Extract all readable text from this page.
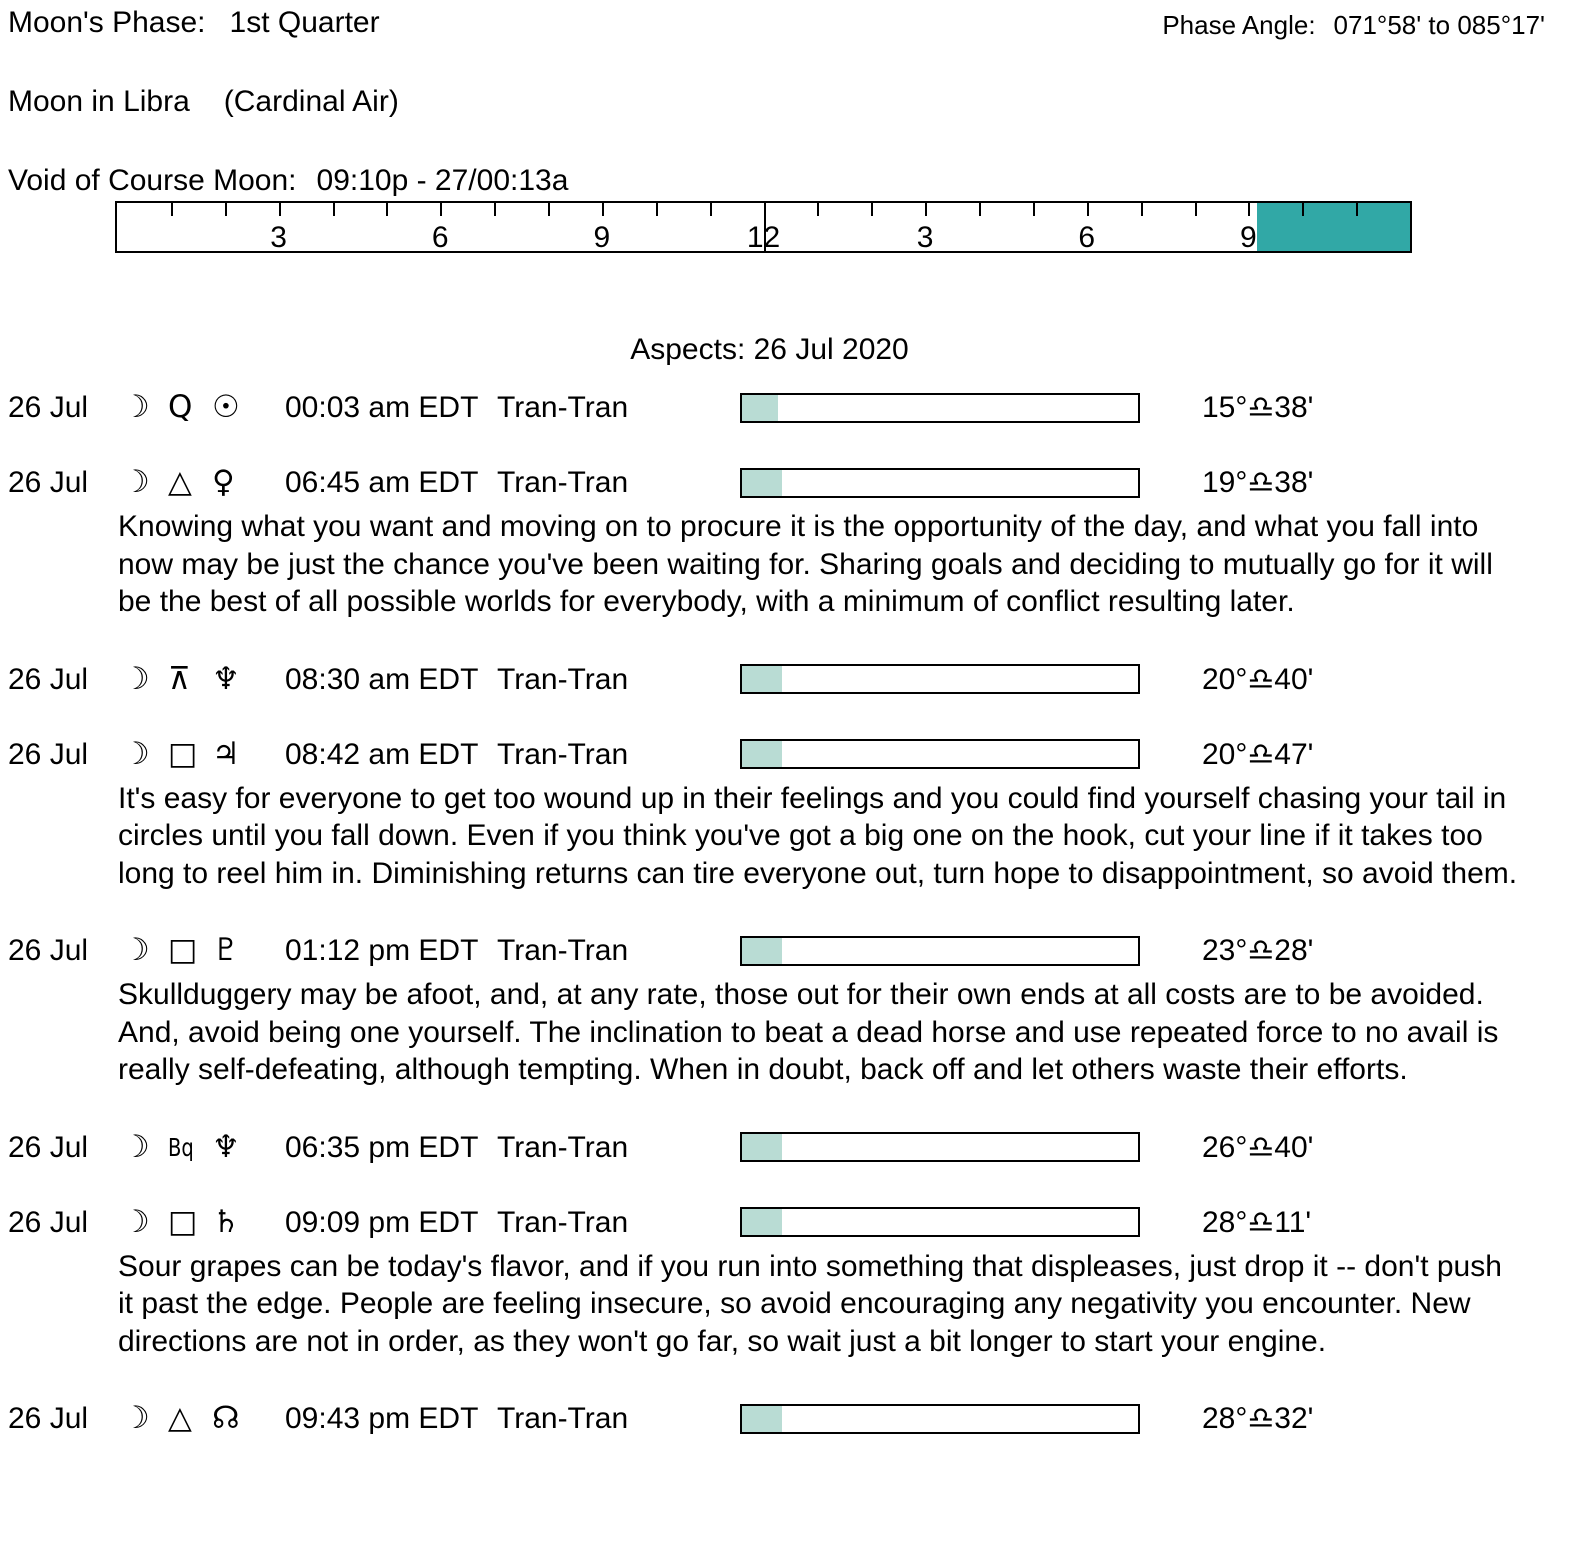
Moon's Phase: 1st Quarter	Phase Angle: 071°58' to 085°17'
Moon in Libra (Cardinal Air)
Void of Course Moon: 09:10p - 27/00:13a
3	6	9	12	3	6	9
Aspects: 26 Jul 2020
26 Jul	☽ Q ☉ 00:03 am EDT Tran-Tran	15°♎38'
26 Jul	☽ △ ♀ 06:45 am EDT Tran-Tran	19°♎38'
Knowing what you want and moving on to procure it is the opportunity of the day, and what you fall into now may be just the chance you've been waiting for. Sharing goals and deciding to mutually go for it will be the best of all possible worlds for everybody, with a minimum of conflict resulting later.
26 Jul	☽ ⊼ ♆ 08:30 am EDT Tran-Tran	20°♎40'
26 Jul	☽ □ ♃ 08:42 am EDT Tran-Tran	20°♎47'
It's easy for everyone to get too wound up in their feelings and you could find yourself chasing your tail in circles until you fall down. Even if you think you've got a big one on the hook, cut your line if it takes too long to reel him in. Diminishing returns can tire everyone out, turn hope to disappointment, so avoid them.
26 Jul	☽ □ ♇ 01:12 pm EDT Tran-Tran	23°♎28'
Skullduggery may be afoot, and, at any rate, those out for their own ends at all costs are to be avoided. And, avoid being one yourself. The inclination to beat a dead horse and use repeated force to no avail is really self-defeating, although tempting. When in doubt, back off and let others waste their efforts.
26 Jul	☽ Bq ♆ 06:35 pm EDT Tran-Tran	26°♎40'
26 Jul	☽ □ ♄ 09:09 pm EDT Tran-Tran	28°♎11'
Sour grapes can be today's flavor, and if you run into something that displeases, just drop it -- don't push it past the edge. People are feeling insecure, so avoid encouraging any negativity you encounter. New directions are not in order, as they won't go far, so wait just a bit longer to start your engine.
26 Jul	☽ △ ☊ 09:43 pm EDT Tran-Tran	28°♎32'
